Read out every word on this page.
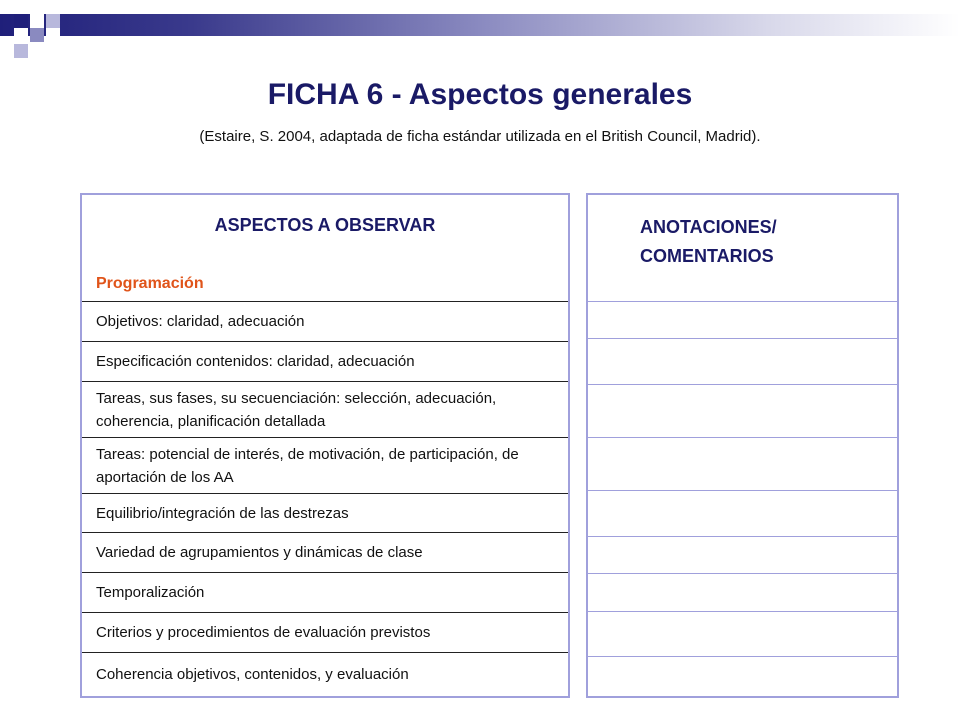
FICHA 6 - Aspectos generales
(Estaire, S. 2004, adaptada de ficha estándar utilizada en el British Council, Madrid).
ASPECTOS A OBSERVAR
Programación
Objetivos: claridad, adecuación
Especificación contenidos: claridad, adecuación
Tareas, sus fases, su secuenciación: selección, adecuación, coherencia, planificación detallada
Tareas: potencial de interés, de motivación, de participación, de aportación de los AA
Equilibrio/integración de las destrezas
Variedad de agrupamientos y dinámicas de clase
Temporalización
Criterios y procedimientos de evaluación previstos
Coherencia objetivos, contenidos, y evaluación
ANOTACIONES/
COMENTARIOS
